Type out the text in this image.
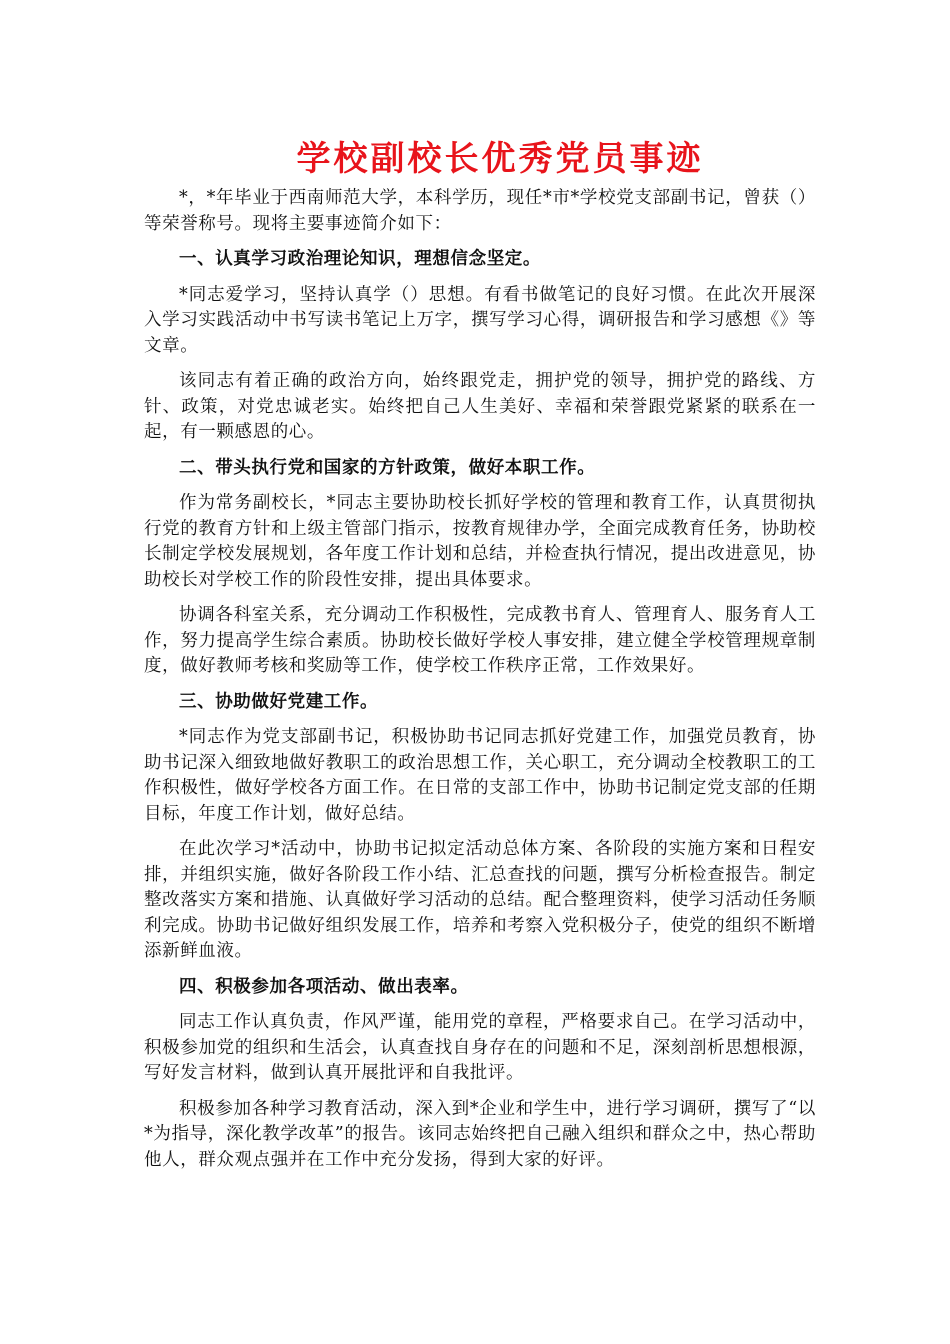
学校副校长优秀党员事迹

*，*年毕业于西南师范大学，本科学历，现任*市*学校党支部副书记，曾获（）等荣誉称号。现将主要事迹简介如下：

一、认真学习政治理论知识，理想信念坚定。

*同志爱学习，坚持认真学（）思想。有看书做笔记的良好习惯。在此次开展深入学习实践活动中书写读书笔记上万字，撰写学习心得，调研报告和学习感想《》等文章。

该同志有着正确的政治方向，始终跟党走，拥护党的领导，拥护党的路线、方针、政策，对党忠诚老实。始终把自己人生美好、幸福和荣誉跟党紧紧的联系在一起，有一颗感恩的心。

二、带头执行党和国家的方针政策，做好本职工作。

作为常务副校长，*同志主要协助校长抓好学校的管理和教育工作，认真贯彻执行党的教育方针和上级主管部门指示，按教育规律办学，全面完成教育任务，协助校长制定学校发展规划，各年度工作计划和总结，并检查执行情况，提出改进意见，协助校长对学校工作的阶段性安排，提出具体要求。

协调各科室关系，充分调动工作积极性，完成教书育人、管理育人、服务育人工作，努力提高学生综合素质。协助校长做好学校人事安排，建立健全学校管理规章制度，做好教师考核和奖励等工作，使学校工作秩序正常，工作效果好。

三、协助做好党建工作。

*同志作为党支部副书记，积极协助书记同志抓好党建工作，加强党员教育，协助书记深入细致地做好教职工的政治思想工作，关心职工，充分调动全校教职工的工作积极性，做好学校各方面工作。在日常的支部工作中，协助书记制定党支部的任期目标，年度工作计划，做好总结。

在此次学习*活动中，协助书记拟定活动总体方案、各阶段的实施方案和日程安排，并组织实施，做好各阶段工作小结、汇总查找的问题，撰写分析检查报告。制定整改落实方案和措施、认真做好学习活动的总结。配合整理资料，使学习活动任务顺利完成。协助书记做好组织发展工作，培养和考察入党积极分子，使党的组织不断增添新鲜血液。

四、积极参加各项活动、做出表率。

同志工作认真负责，作风严谨，能用党的章程，严格要求自己。在学习活动中，积极参加党的组织和生活会，认真查找自身存在的问题和不足，深刻剖析思想根源，写好发言材料，做到认真开展批评和自我批评。

积极参加各种学习教育活动，深入到*企业和学生中，进行学习调研，撰写了“以*为指导，深化教学改革”的报告。该同志始终把自己融入组织和群众之中，热心帮助他人，群众观点强并在工作中充分发扬，得到大家的好评。
